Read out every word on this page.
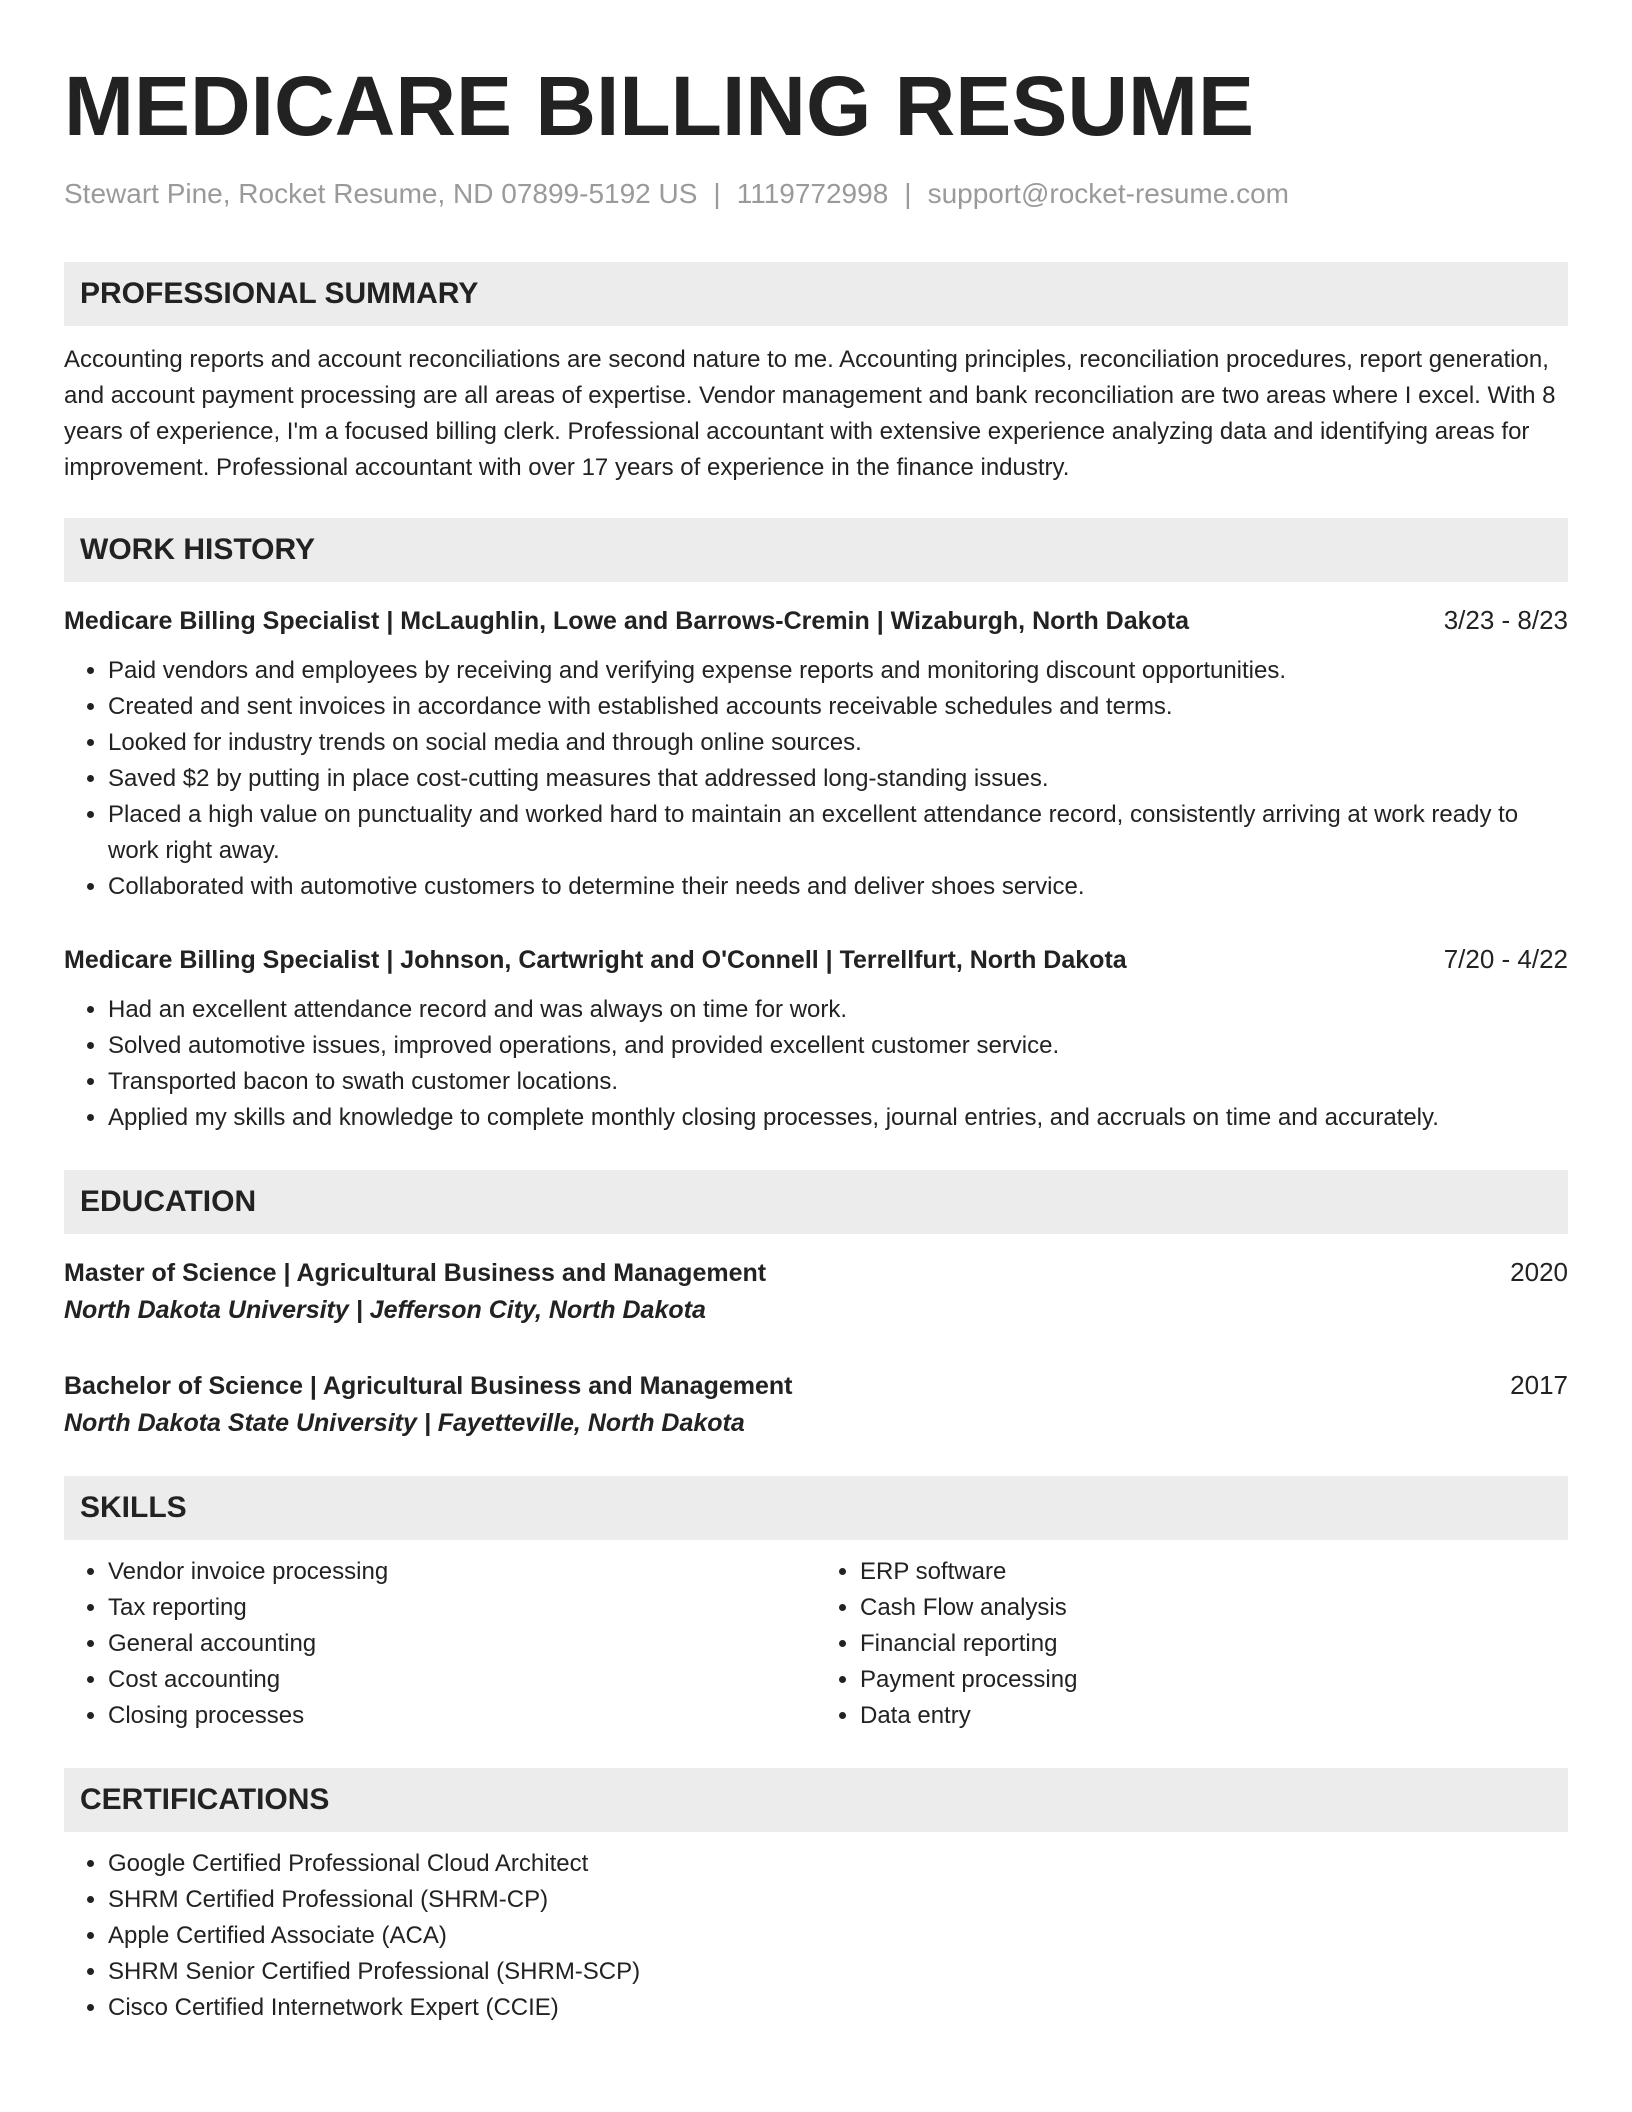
MEDICARE BILLING RESUME
Stewart Pine, Rocket Resume, ND 07899-5192 US | 1119772998 | support@rocket-resume.com
PROFESSIONAL SUMMARY
Accounting reports and account reconciliations are second nature to me. Accounting principles, reconciliation procedures, report generation, and account payment processing are all areas of expertise. Vendor management and bank reconciliation are two areas where I excel. With 8 years of experience, I'm a focused billing clerk. Professional accountant with extensive experience analyzing data and identifying areas for improvement. Professional accountant with over 17 years of experience in the finance industry.
WORK HISTORY
Medicare Billing Specialist | McLaughlin, Lowe and Barrows-Cremin | Wizaburgh, North Dakota	3/23 - 8/23
• Paid vendors and employees by receiving and verifying expense reports and monitoring discount opportunities.
• Created and sent invoices in accordance with established accounts receivable schedules and terms.
• Looked for industry trends on social media and through online sources.
• Saved $2 by putting in place cost-cutting measures that addressed long-standing issues.
• Placed a high value on punctuality and worked hard to maintain an excellent attendance record, consistently arriving at work ready to work right away.
• Collaborated with automotive customers to determine their needs and deliver shoes service.
Medicare Billing Specialist | Johnson, Cartwright and O'Connell | Terrellfurt, North Dakota	7/20 - 4/22
• Had an excellent attendance record and was always on time for work.
• Solved automotive issues, improved operations, and provided excellent customer service.
• Transported bacon to swath customer locations.
• Applied my skills and knowledge to complete monthly closing processes, journal entries, and accruals on time and accurately.
EDUCATION
Master of Science | Agricultural Business and Management	2020
North Dakota University | Jefferson City, North Dakota
Bachelor of Science | Agricultural Business and Management	2017
North Dakota State University | Fayetteville, North Dakota
SKILLS
• Vendor invoice processing
• Tax reporting
• General accounting
• Cost accounting
• Closing processes
• ERP software
• Cash Flow analysis
• Financial reporting
• Payment processing
• Data entry
CERTIFICATIONS
• Google Certified Professional Cloud Architect
• SHRM Certified Professional (SHRM-CP)
• Apple Certified Associate (ACA)
• SHRM Senior Certified Professional (SHRM-SCP)
• Cisco Certified Internetwork Expert (CCIE)
